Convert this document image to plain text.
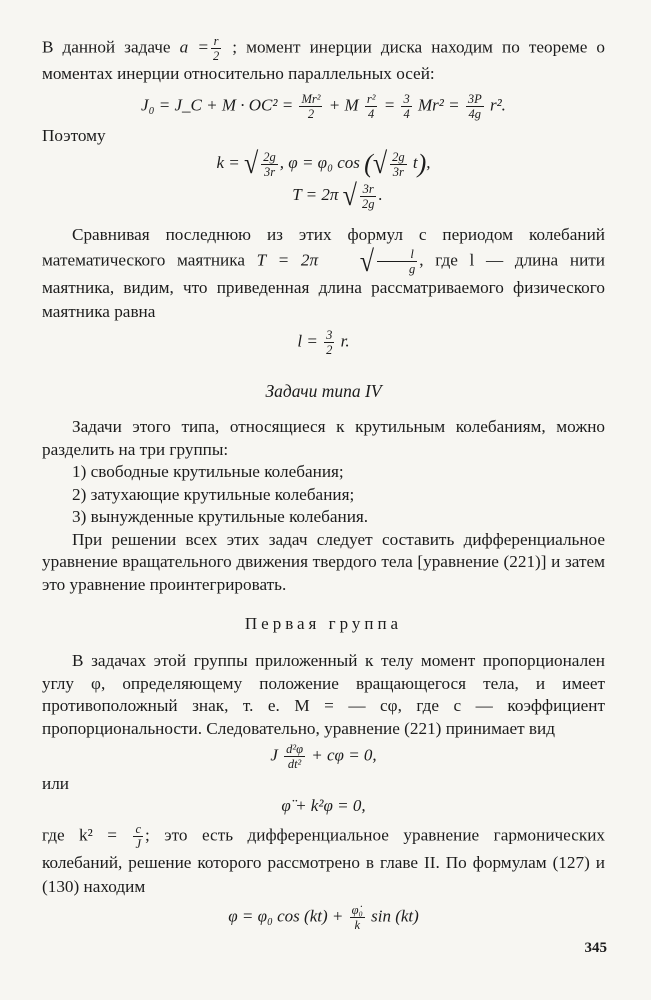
В данной задаче $a = \frac{r}{2}$ ; момент инерции диска находим по теореме о моментах инерции относительно параллельных осей:

J₀ = J_C + $M \cdot OC^2 = \frac{\text{Mr²}}{2} + M \frac{\text{r²}}{4} = \frac{3}{4} Mr^2 = \frac{3P}{4g} r^2$.

Поэтому

k = √ $\frac{2g}{3r}$ , φ = φ₀ cos (√ $\frac{2g}{3r} t$),

T = 2π √ $\frac{3r}{2g}$ .

Сравнивая последнюю из этих формул с периодом колебаний математического маятника T = 2π √ $\frac{l}{g}$ , где l — длина нити маятника, видим, что приведенная длина рассматриваемого физического маятника равна

$l = \frac{3}{2} r$.

Задачи типа IV

Задачи этого типа, относящиеся к крутильным колебаниям, можно разделить на три группы:

1) свободные крутильные колебания;

2) затухающие крутильные колебания;

3) вынужденные крутильные колебания.

При решении всех этих задач следует составить дифференциальное уравнение вращательного движения твердого тела [уравнение (221)] и затем это уравнение проинтегрировать.

Первая группа

В задачах этой группы приложенный к телу момент пропорционален углу φ, определяющему положение вращающегося тела, и имеет противоположный знак, т. е. M = — cφ, где c — коэффициент пропорциональности. Следовательно, уравнение (221) принимает вид

J $\frac{\text{d²φ}}{\text{dt²}} + c\varphi = 0$,

или

φ̈ + k²φ = 0,

где $k^2 = \frac{c}{J}$ ; это есть дифференциальное уравнение гармонических колебаний, решение которого рассмотрено в главе II. По формулам (127) и (130) находим

φ = φ₀ $\cos (kt) + \frac{\text{φ̇₀}}{k}$ sin (kt)

345
